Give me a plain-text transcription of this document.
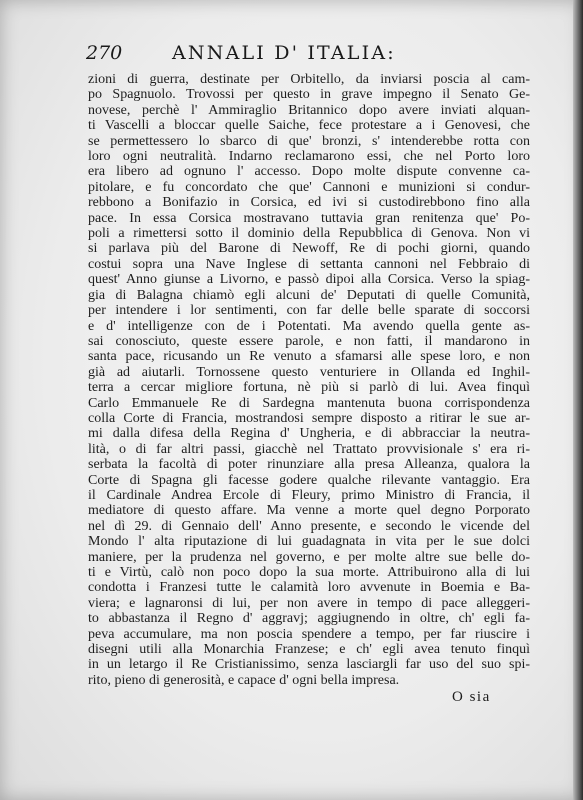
270	ANNALI D' ITALIA:
zioni di guerra, destinate per Orbitello, da inviarsi poscia al cam-
po Spagnuolo. Trovossi per questo in grave impegno il Senato Ge-
novese, perchè l' Ammiraglio Britannico dopo avere inviati alquan-
ti Vascelli a bloccar quelle Saiche, fece protestare a i Genovesi, che
se permettessero lo sbarco di que' bronzi, s' intenderebbe rotta con
loro ogni neutralità. Indarno reclamarono essi, che nel Porto loro
era libero ad ognuno l' accesso. Dopo molte dispute convenne ca-
pitolare, e fu concordato che que' Cannoni e munizioni si condur-
rebbono a Bonifazio in Corsica, ed ivi si custodirebbono fino alla
pace. In essa Corsica mostravano tuttavia gran renitenza que' Po-
poli a rimettersi sotto il dominio della Repubblica di Genova. Non vi
si parlava più del Barone di Newoff, Re di pochi giorni, quando
costui sopra una Nave Inglese di settanta cannoni nel Febbraio di
quest' Anno giunse a Livorno, e passò dipoi alla Corsica. Verso la spiag-
gia di Balagna chiamò egli alcuni de' Deputati di quelle Comunità,
per intendere i lor sentimenti, con far delle belle sparate di soccorsi
e d' intelligenze con de i Potentati. Ma avendo quella gente as-
sai conosciuto, queste essere parole, e non fatti, il mandarono in
santa pace, ricusando un Re venuto a sfamarsi alle spese loro, e non
già ad aiutarli. Tornossene questo venturiere in Ollanda ed Inghil-
terra a cercar migliore fortuna, nè più si parlò di lui. Avea finquì
Carlo Emmanuele Re di Sardegna mantenuta buona corrispondenza
colla Corte di Francia, mostrandosi sempre disposto a ritirar le sue ar-
mi dalla difesa della Regina d' Ungheria, e di abbracciar la neutra-
lità, o di far altri passi, giacchè nel Trattato provvisionale s' era ri-
serbata la facoltà di poter rinunziare alla presa Alleanza, qualora la
Corte di Spagna gli facesse godere qualche rilevante vantaggio. Era
il Cardinale Andrea Ercole di Fleury, primo Ministro di Francia, il
mediatore di questo affare. Ma venne a morte quel degno Porporato
nel dì 29. di Gennaio dell' Anno presente, e secondo le vicende del
Mondo l' alta riputazione di lui guadagnata in vita per le sue dolci
maniere, per la prudenza nel governo, e per molte altre sue belle do-
ti e Virtù, calò non poco dopo la sua morte. Attribuirono alla di lui
condotta i Franzesi tutte le calamità loro avvenute in Boemia e Ba-
viera; e lagnaronsi di lui, per non avere in tempo di pace alleggeri-
to abbastanza il Regno d' aggravj; aggiugnendo in oltre, ch' egli fa-
peva accumulare, ma non poscia spendere a tempo, per far riuscire i
disegni utili alla Monarchia Franzese; e ch' egli avea tenuto finquì
in un letargo il Re Cristianissimo, senza lasciargli far uso del suo spi-
rito, pieno di generosità, e capace d' ogni bella impresa.
O sia
